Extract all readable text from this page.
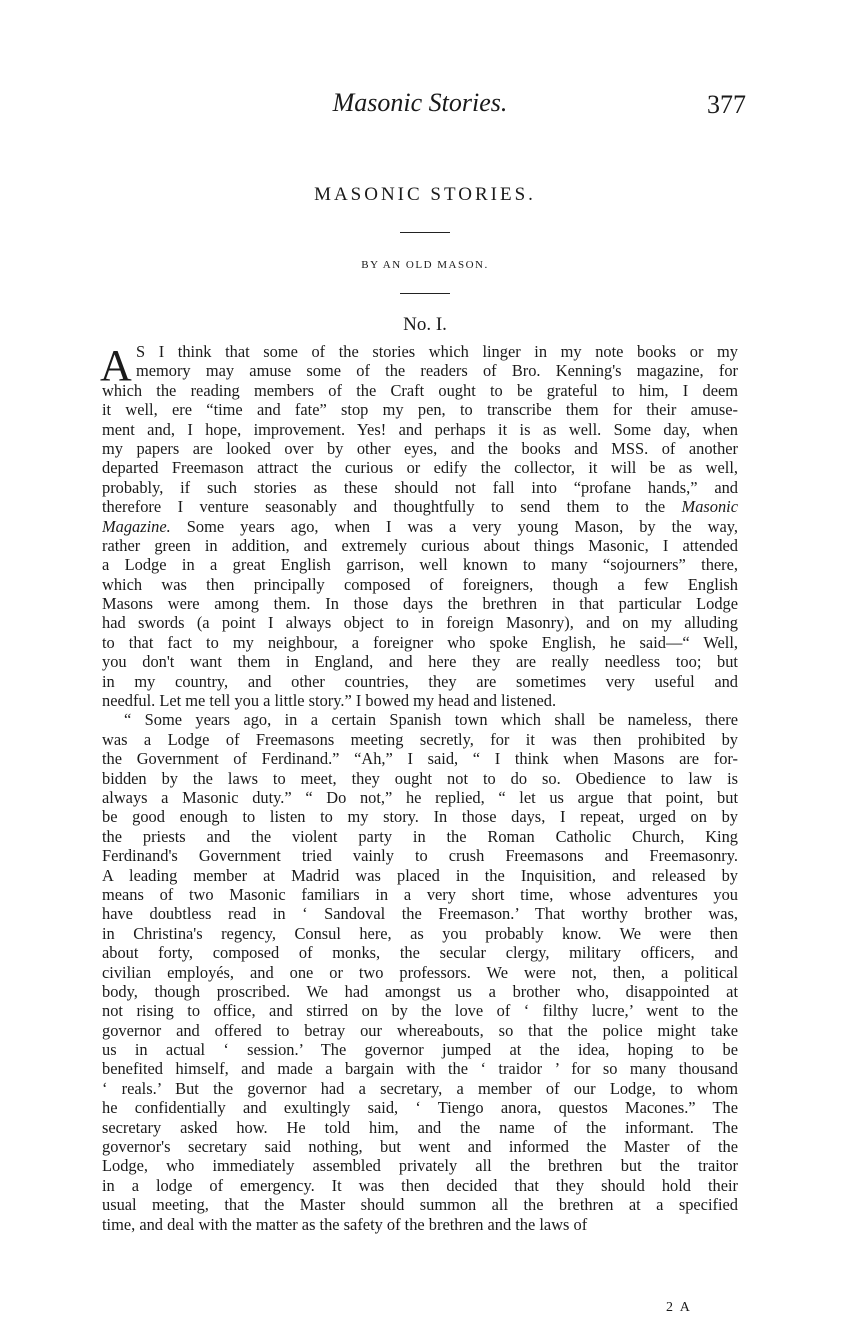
Masonic Stories.	377
MASONIC STORIES.
BY AN OLD MASON.
No. I.
A S I think that some of the stories which linger in my note books or my
memory may amuse some of the readers of Bro. Kenning's magazine, for
which the reading members of the Craft ought to be grateful to him, I deem
it well, ere “time and fate” stop my pen, to transcribe them for their amuse-
ment and, I hope, improvement. Yes! and perhaps it is as well. Some day, when
my papers are looked over by other eyes, and the books and MSS. of another
departed Freemason attract the curious or edify the collector, it will be as well,
probably, if such stories as these should not fall into “profane hands,” and
therefore I venture seasonably and thoughtfully to send them to the Masonic
Magazine. Some years ago, when I was a very young Mason, by the way,
rather green in addition, and extremely curious about things Masonic, I attended
a Lodge in a great English garrison, well known to many “sojourners” there,
which was then principally composed of foreigners, though a few English
Masons were among them. In those days the brethren in that particular Lodge
had swords (a point I always object to in foreign Masonry), and on my alluding
to that fact to my neighbour, a foreigner who spoke English, he said—“ Well,
you don't want them in England, and here they are really needless too; but
in my country, and other countries, they are sometimes very useful and
needful. Let me tell you a little story.” I bowed my head and listened.
“ Some years ago, in a certain Spanish town which shall be nameless, there
was a Lodge of Freemasons meeting secretly, for it was then prohibited by
the Government of Ferdinand.” “Ah,” I said, “ I think when Masons are for-
bidden by the laws to meet, they ought not to do so. Obedience to law is
always a Masonic duty.” “ Do not,” he replied, “ let us argue that point, but
be good enough to listen to my story. In those days, I repeat, urged on by
the priests and the violent party in the Roman Catholic Church, King
Ferdinand's Government tried vainly to crush Freemasons and Freemasonry.
A leading member at Madrid was placed in the Inquisition, and released by
means of two Masonic familiars in a very short time, whose adventures you
have doubtless read in ‘ Sandoval the Freemason.’ That worthy brother was,
in Christina's regency, Consul here, as you probably know. We were then
about forty, composed of monks, the secular clergy, military officers, and
civilian employés, and one or two professors. We were not, then, a political
body, though proscribed. We had amongst us a brother who, disappointed at
not rising to office, and stirred on by the love of ‘ filthy lucre,’ went to the
governor and offered to betray our whereabouts, so that the police might take
us in actual ‘ session.’ The governor jumped at the idea, hoping to be
benefited himself, and made a bargain with the ‘ traidor ’ for so many thousand
‘ reals.’ But the governor had a secretary, a member of our Lodge, to whom
he confidentially and exultingly said, ‘ Tiengo anora, questos Macones.” The
secretary asked how. He told him, and the name of the informant. The
governor's secretary said nothing, but went and informed the Master of the
Lodge, who immediately assembled privately all the brethren but the traitor
in a lodge of emergency. It was then decided that they should hold their
usual meeting, that the Master should summon all the brethren at a specified
time, and deal with the matter as the safety of the brethren and the laws of
2 A
